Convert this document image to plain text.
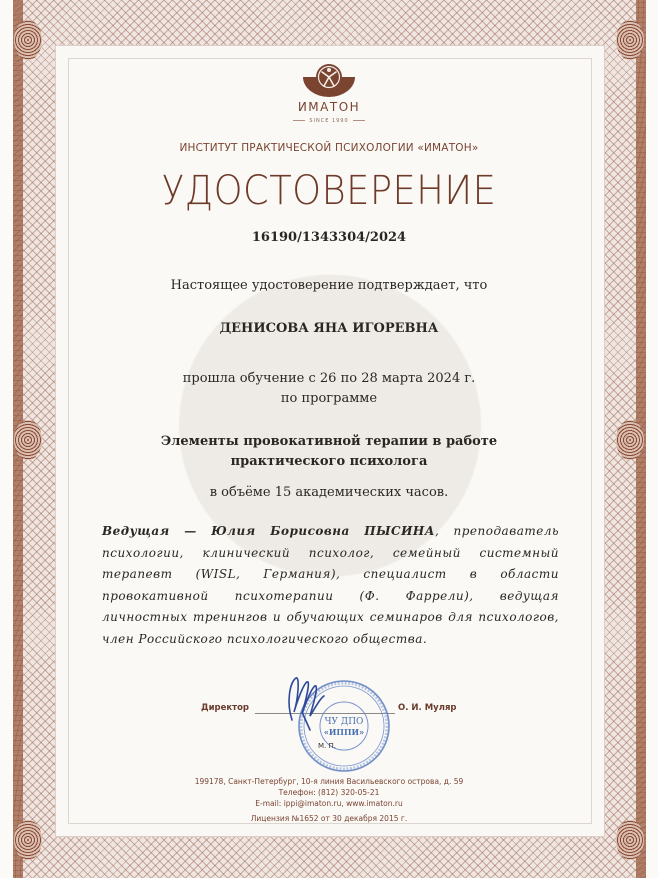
ИМАТОН
SINCE 1990
ИНСТИТУТ ПРАКТИЧЕСКОЙ ПСИХОЛОГИИ «ИМАТОН»
УДОСТОВЕРЕНИЕ
16190/1343304/2024
Настоящее удостоверение подтверждает, что
ДЕНИСОВА ЯНА ИГОРЕВНА
прошла обучение с 26 по 28 марта 2024 г.
по программе
Элементы провокативной терапии в работе
практического психолога
в объёме 15 академических часов.
Ведущая — Юлия Борисовна ПЫСИНА, преподаватель психологии, клинический психолог, семейный системный терапевт (WISL, Германия), специалист в области провокативной психотерапии (Ф. Фаррели), ведущая личностных тренингов и обучающих семинаров для психологов, член Российского психологического общества.
Директор
ЧУ ДПО
«ИППИ»
М. П.
О. И. Муляр
199178, Санкт-Петербург, 10-я линия Васильевского острова, д. 59
Телефон: (812) 320-05-21
E-mail: ippi@imaton.ru, www.imaton.ru
Лицензия №1652 от 30 декабря 2015 г.
